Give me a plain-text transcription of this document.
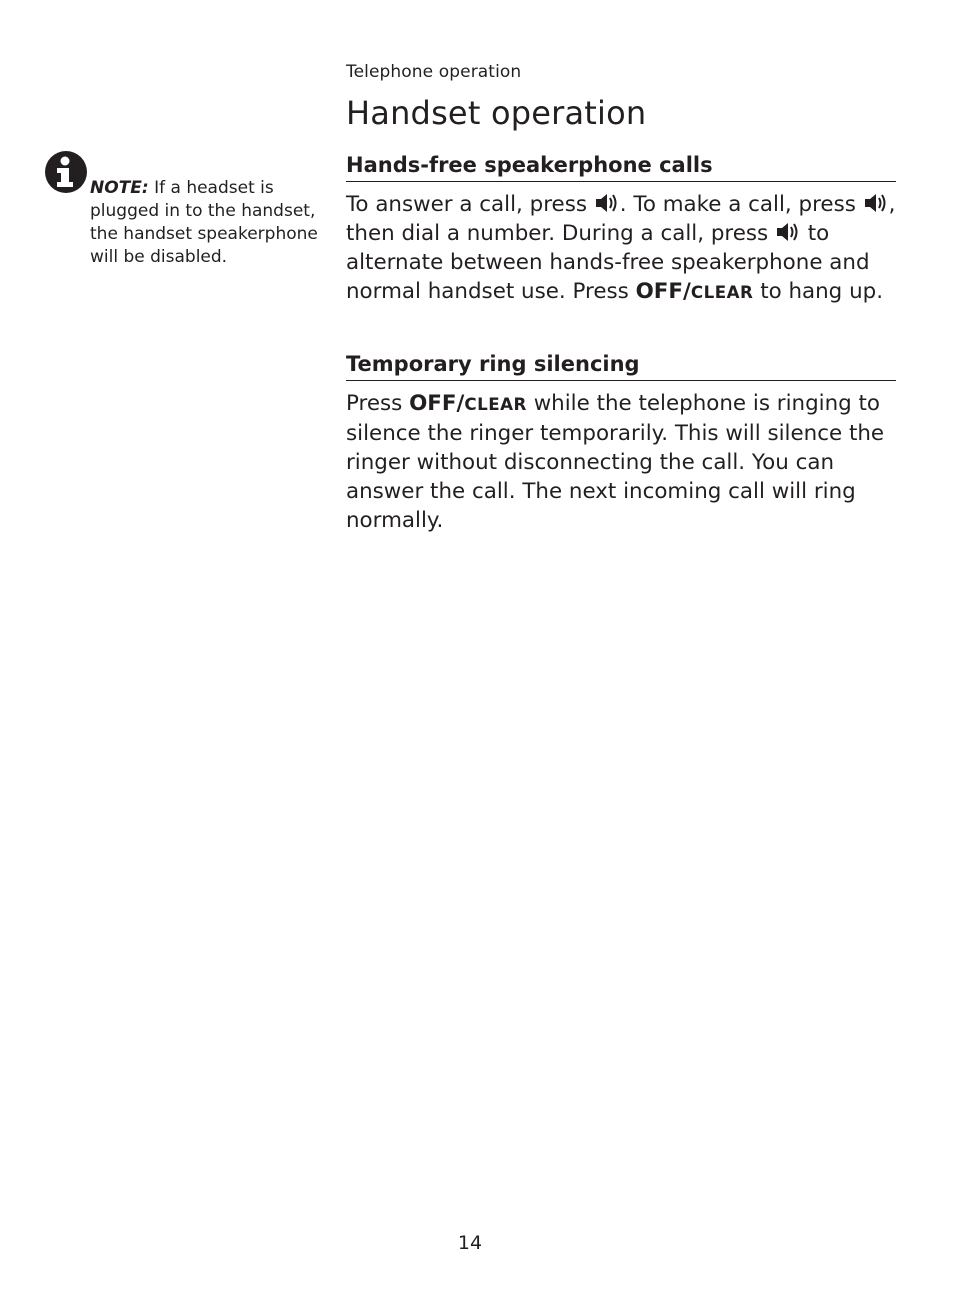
Telephone operation
Handset operation

NOTE: If a headset is plugged in to the handset, the handset speakerphone will be disabled.

Hands-free speakerphone calls

To answer a call, press . To make a call, press , then dial a number. During a call, press  to alternate between hands-free speakerphone and normal handset use. Press OFF/CLEAR to hang up.

Temporary ring silencing

Press OFF/CLEAR while the telephone is ringing to silence the ringer temporarily. This will silence the ringer without disconnecting the call. You can answer the call. The next incoming call will ring normally.

14
